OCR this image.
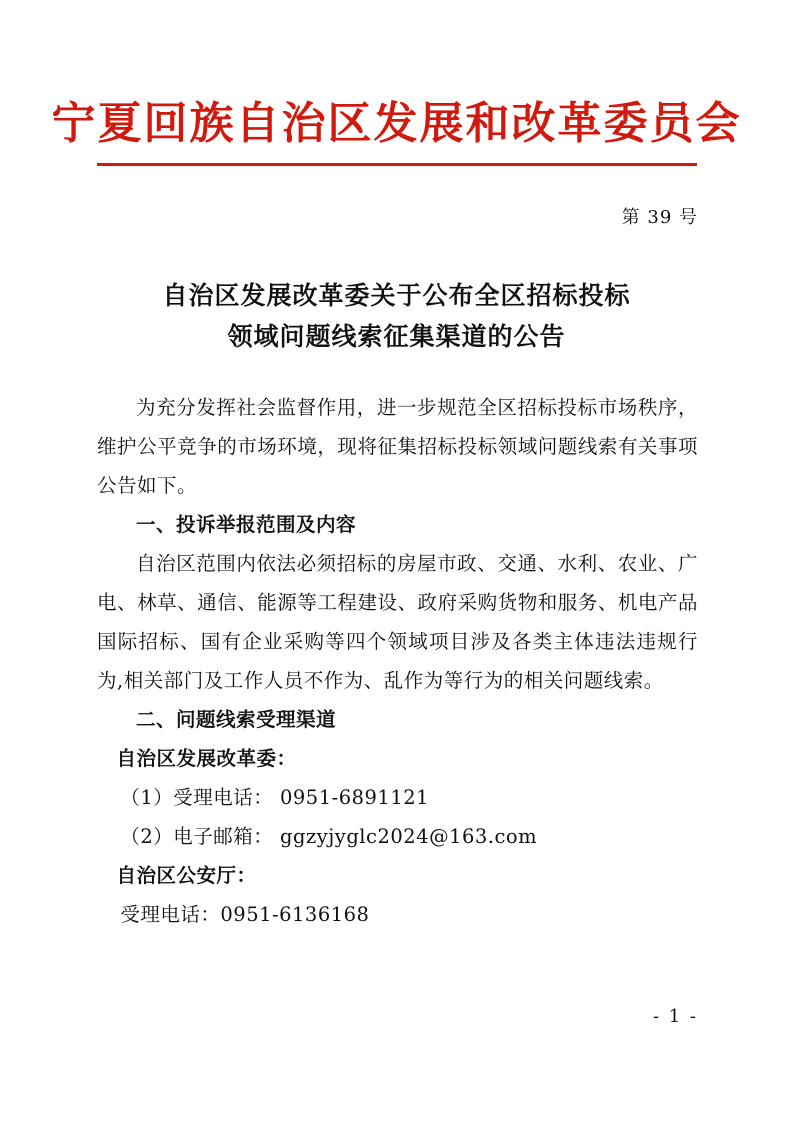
宁夏回族自治区发展和改革委员会
第 39 号
自治区发展改革委关于公布全区招标投标
领域问题线索征集渠道的公告

为充分发挥社会监督作用，进一步规范全区招标投标市场秩序，维护公平竞争的市场环境，现将征集招标投标领域问题线索有关事项公告如下。

一、投诉举报范围及内容

自治区范围内依法必须招标的房屋市政、交通、水利、农业、广电、林草、通信、能源等工程建设、政府采购货物和服务、机电产品国际招标、国有企业采购等四个领域项目涉及各类主体违法违规行为,相关部门及工作人员不作为、乱作为等行为的相关问题线索。

二、问题线索受理渠道

自治区发展改革委：

（1）受理电话： 0951-6891121

（2）电子邮箱： ggzyjyglc2024@163.com

自治区公安厅：

受理电话：0951-6136168

- 1 -
